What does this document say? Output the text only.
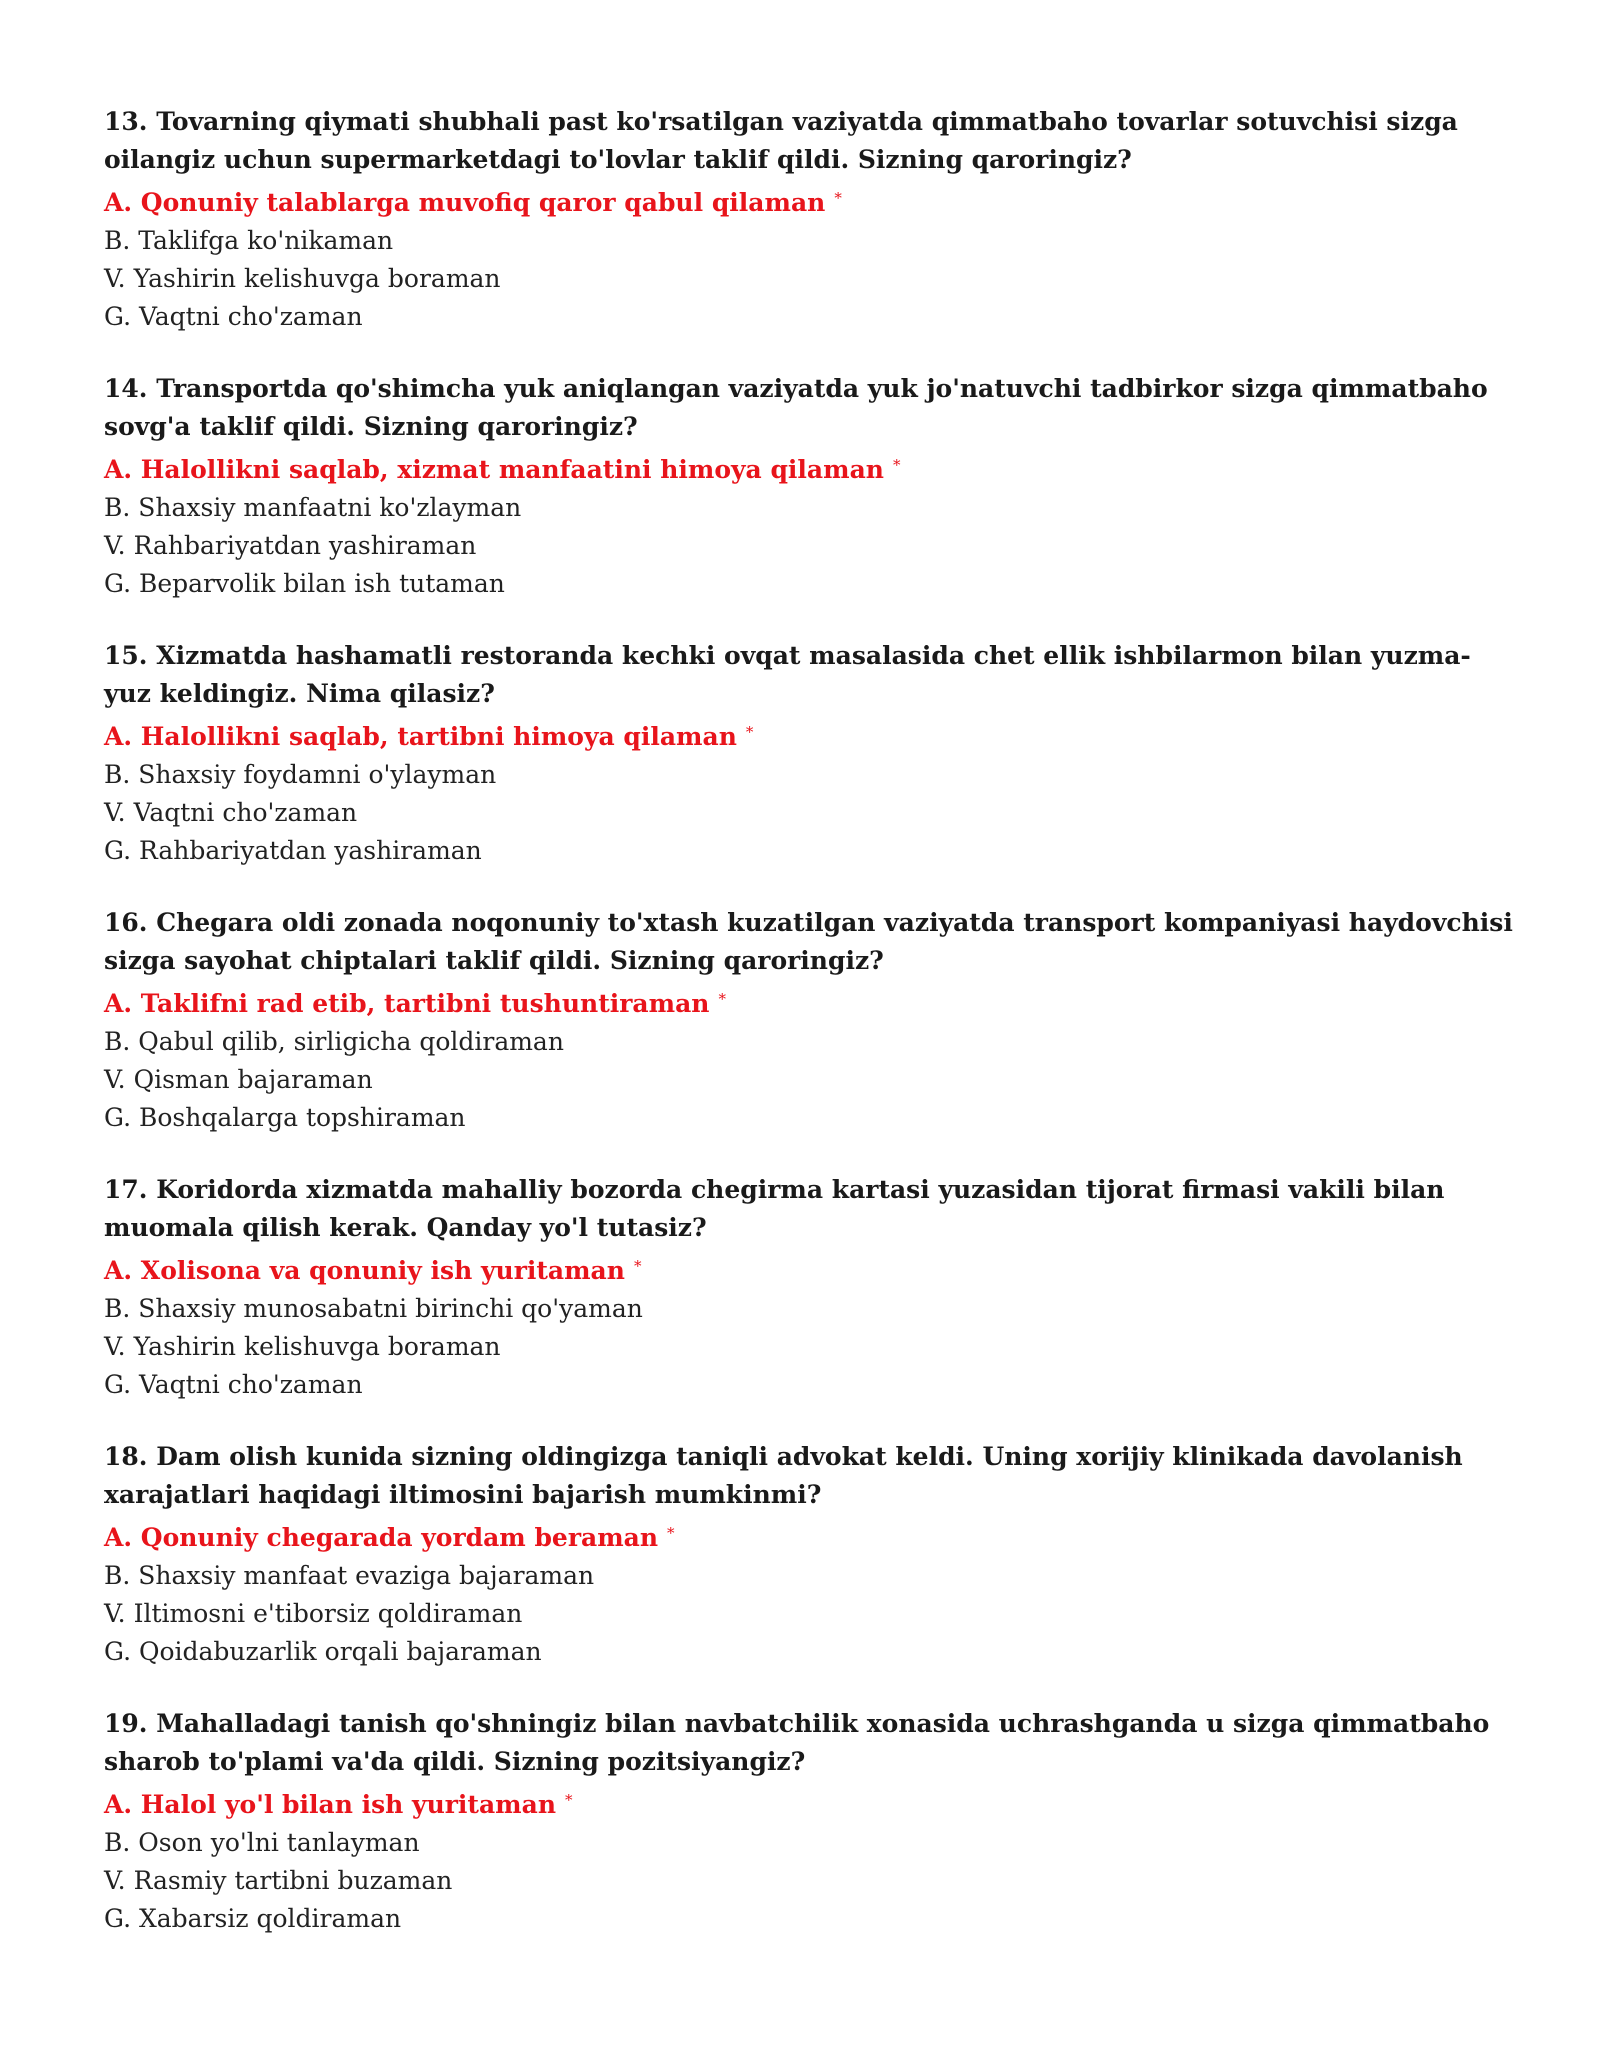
13. Tovarning qiymati shubhali past ko'rsatilgan vaziyatda qimmatbaho tovarlar sotuvchisi sizga oilangiz uchun supermarketdagi to'lovlar taklif qildi. Sizning qaroringiz?

A. Qonuniy talablarga muvofiq qaror qabul qilaman *

B. Taklifga ko'nikaman

V. Yashirin kelishuvga boraman

G. Vaqtni cho'zaman

14. Transportda qo'shimcha yuk aniqlangan vaziyatda yuk jo'natuvchi tadbirkor sizga qimmatbaho sovg'a taklif qildi. Sizning qaroringiz?

A. Halollikni saqlab, xizmat manfaatini himoya qilaman *

B. Shaxsiy manfaatni ko'zlayman

V. Rahbariyatdan yashiraman

G. Beparvolik bilan ish tutaman

15. Xizmatda hashamatli restoranda kechki ovqat masalasida chet ellik ishbilarmon bilan yuzma-yuz keldingiz. Nima qilasiz?

A. Halollikni saqlab, tartibni himoya qilaman *

B. Shaxsiy foydamni o'ylayman

V. Vaqtni cho'zaman

G. Rahbariyatdan yashiraman

16. Chegara oldi zonada noqonuniy to'xtash kuzatilgan vaziyatda transport kompaniyasi haydovchisi sizga sayohat chiptalari taklif qildi. Sizning qaroringiz?

A. Taklifni rad etib, tartibni tushuntiraman *

B. Qabul qilib, sirligicha qoldiraman

V. Qisman bajaraman

G. Boshqalarga topshiraman

17. Koridorda xizmatda mahalliy bozorda chegirma kartasi yuzasidan tijorat firmasi vakili bilan muomala qilish kerak. Qanday yo'l tutasiz?

A. Xolisona va qonuniy ish yuritaman *

B. Shaxsiy munosabatni birinchi qo'yaman

V. Yashirin kelishuvga boraman

G. Vaqtni cho'zaman

18. Dam olish kunida sizning oldingizga taniqli advokat keldi. Uning xorijiy klinikada davolanish xarajatlari haqidagi iltimosini bajarish mumkinmi?

A. Qonuniy chegarada yordam beraman *

B. Shaxsiy manfaat evaziga bajaraman

V. Iltimosni e'tiborsiz qoldiraman

G. Qoidabuzarlik orqali bajaraman

19. Mahalladagi tanish qo'shningiz bilan navbatchilik xonasida uchrashganda u sizga qimmatbaho sharob to'plami va'da qildi. Sizning pozitsiyangiz?

A. Halol yo'l bilan ish yuritaman *

B. Oson yo'lni tanlayman

V. Rasmiy tartibni buzaman

G. Xabarsiz qoldiraman
